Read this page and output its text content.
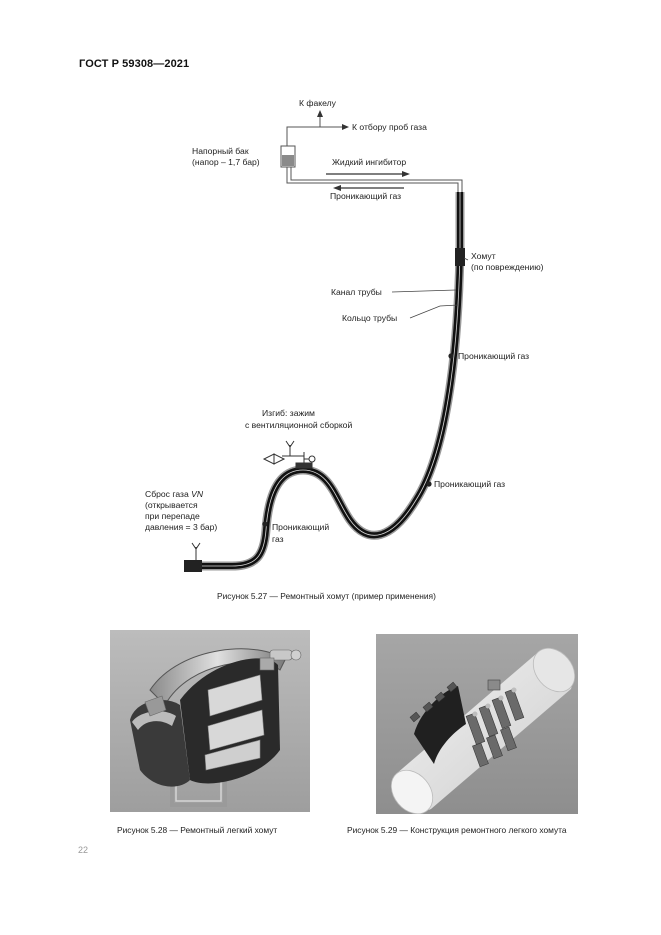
ГОСТ Р 59308—2021
К факелу
К отбору проб газа
Напорный бак
(напор – 1,7 бар)	Жидкий ингибитор
Проникающий газ
Хомут
(по повреждению)
Канал трубы
Кольцо трубы
Проникающий газ
Изгиб: зажим
с вентиляционной сборкой
Проникающий газ
Сброс газа VN
(открывается
при перепаде
давления = 3 бар)	Проникающий
газ
Рисунок 5.27 — Ремонтный хомут (пример применения)
Рисунок 5.28 — Ремонтный легкий хомут	Рисунок 5.29 — Конструкция ремонтного легкого хомута
22
